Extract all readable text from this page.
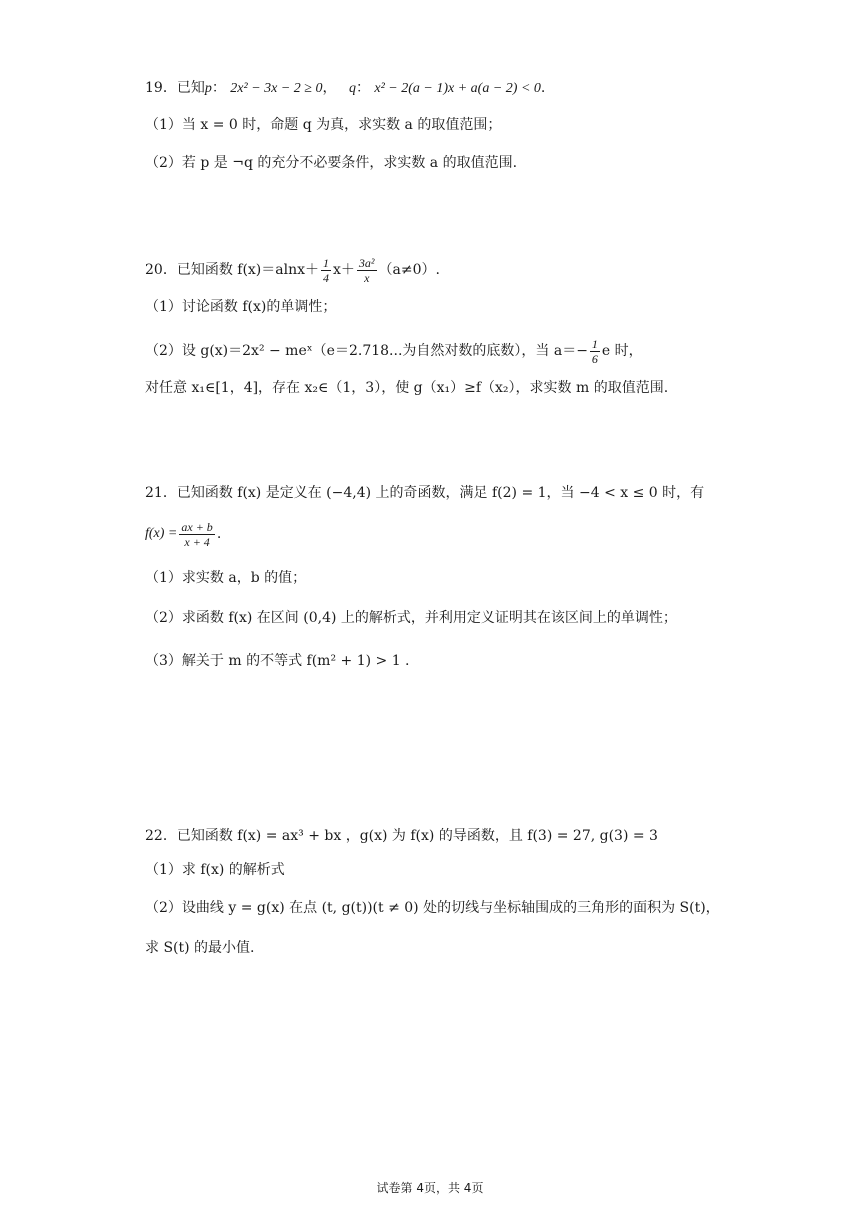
19．已知p： 2x² − 3x − 2 ≥ 0， q： x² − 2(a − 1)x + a(a − 2) < 0.
（1）当 x = 0 时，命题 q 为真，求实数 a 的取值范围；
（2）若 p 是 ¬q 的充分不必要条件，求实数 a 的取值范围.
20．已知函数 $f(x)=alnx+ \frac{1}{4} x+ \frac{\text{3a²}}{x} (a\ne 0)$.
（1）讨论函数 f(x)的单调性；
（2）设 g(x)＝2x² − meˣ（e＝2.718...为自然对数的底数），当 $a=- \frac{1}{6}$ e 时，
对任意 x₁∈[1，4]，存在 x₂∈（1，3），使 g（x₁）≥f（x₂），求实数 m 的取值范围.
21．已知函数 f(x) 是定义在 (−4,4) 上的奇函数，满足 f(2) = 1，当 −4 < x ≤ 0 时，有
$f(x) = \frac{ax + b}{x + 4}$ .
（1）求实数 a，b 的值；
（2）求函数 f(x) 在区间 (0,4) 上的解析式，并利用定义证明其在该区间上的单调性；
（3）解关于 m 的不等式 f(m² + 1) > 1 .
22．已知函数 f(x) = ax³ + bx ，g(x) 为 f(x) 的导函数，且 f(3) = 27, g(3) = 3
（1）求 f(x) 的解析式
（2）设曲线 y = g(x) 在点 (t, g(t))(t ≠ 0) 处的切线与坐标轴围成的三角形的面积为 S(t)，
求 S(t) 的最小值.
试卷第 4页，共 4页
